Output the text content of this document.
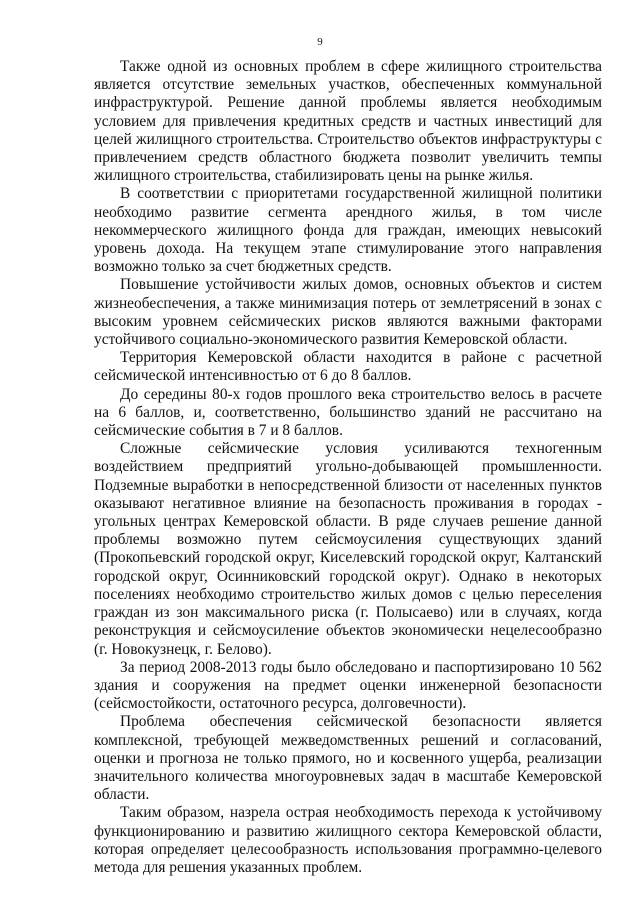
9

Также одной из основных проблем в сфере жилищного строительства является отсутствие земельных участков, обеспеченных коммунальной инфраструктурой. Решение данной проблемы является необходимым условием для привлечения кредитных средств и частных инвестиций для целей жилищного строительства. Строительство объектов инфраструктуры с привлечением средств областного бюджета позволит увеличить темпы жилищного строительства, стабилизировать цены на рынке жилья.

В соответствии с приоритетами государственной жилищной политики необходимо развитие сегмента арендного жилья, в том числе некоммерческого жилищного фонда для граждан, имеющих невысокий уровень дохода. На текущем этапе стимулирование этого направления возможно только за счет бюджетных средств.

Повышение устойчивости жилых домов, основных объектов и систем жизнеобеспечения, а также минимизация потерь от землетрясений в зонах с высоким уровнем сейсмических рисков являются важными факторами устойчивого социально-экономического развития Кемеровской области.

Территория Кемеровской области находится в районе с расчетной сейсмической интенсивностью от 6 до 8 баллов.

До середины 80-х годов прошлого века строительство велось в расчете на 6 баллов, и, соответственно, большинство зданий не рассчитано на сейсмические события в 7 и 8 баллов.

Сложные сейсмические условия усиливаются техногенным воздействием предприятий угольно-добывающей промышленности. Подземные выработки в непосредственной близости от населенных пунктов оказывают негативное влияние на безопасность проживания в городах - угольных центрах Кемеровской области. В ряде случаев решение данной проблемы возможно путем сейсмоусиления существующих зданий (Прокопьевский городской округ, Киселевский городской округ, Калтанский городской округ, Осинниковский городской округ). Однако в некоторых поселениях необходимо строительство жилых домов с целью переселения граждан из зон максимального риска (г. Полысаево) или в случаях, когда реконструкция и сейсмоусиление объектов экономически нецелесообразно (г. Новокузнецк, г. Белово).

За период 2008-2013 годы было обследовано и паспортизировано 10 562 здания и сооружения на предмет оценки инженерной безопасности (сейсмостойкости, остаточного ресурса, долговечности).

Проблема обеспечения сейсмической безопасности является комплексной, требующей межведомственных решений и согласований, оценки и прогноза не только прямого, но и косвенного ущерба, реализации значительного количества многоуровневых задач в масштабе Кемеровской области.

Таким образом, назрела острая необходимость перехода к устойчивому функционированию и развитию жилищного сектора Кемеровской области, которая определяет целесообразность использования программно-целевого метода для решения указанных проблем.
